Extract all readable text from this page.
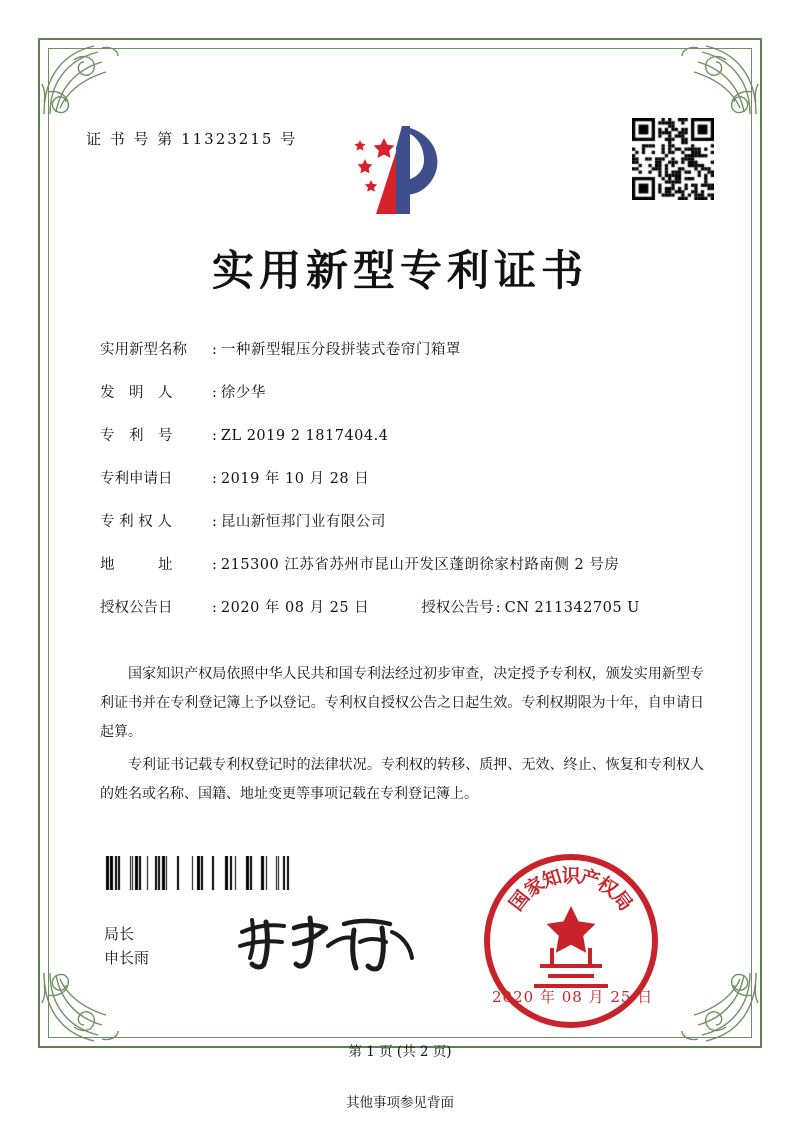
证 书 号 第 11323215 号
实用新型专利证书
实用新型名称	: 一种新型辊压分段拼装式卷帘门箱罩
发　明　人	: 徐少华
专　利　号	: ZL 2019 2 1817404.4
专利申请日	: 2019 年 10 月 28 日
专 利 权 人	: 昆山新恒邦门业有限公司
地　　　址	: 215300 江苏省苏州市昆山开发区蓬朗徐家村路南侧 2 号房
授权公告日	: 2020 年 08 月 25 日	授权公告号 : CN 211342705 U

国家知识产权局依照中华人民共和国专利法经过初步审查，决定授予专利权，颁发实用新型专利证书并在专利登记簿上予以登记。专利权自授权公告之日起生效。专利权期限为十年，自申请日起算。

专利证书记载专利权登记时的法律状况。专利权的转移、质押、无效、终止、恢复和专利权人的姓名或名称、国籍、地址变更等事项记载在专利登记簿上。

局长
申长雨
国
家
知
识
产
权
局
2020 年 08 月 25 日
第 1 页 (共 2 页)
其他事项参见背面
